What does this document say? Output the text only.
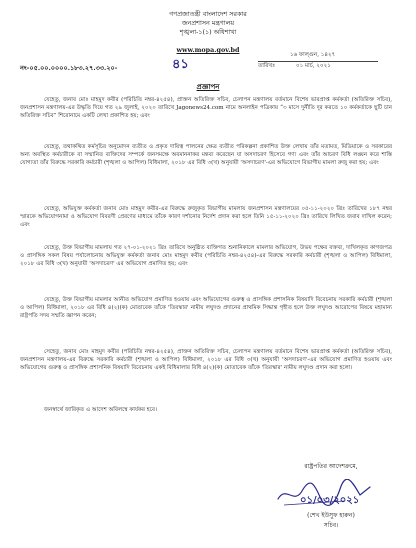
গণপ্রজাতন্ত্রী বাংলাদেশ সরকার
জনপ্রশাসন মন্ত্রণালয়
শৃঙ্খলা-১(১) অধিশাখা
www.mopa.gov.bd
১৬ ফাল্গুন, ১৪২৭
তারিখঃ	০১ মার্চ, ২০২১
নং-০৫.০০.০০০০.১৮৩.২৭.৩৩.২০-	৪১
প্রজ্ঞাপন
যেহেতু, জনাব মোঃ মাহমুদ কবীর (পরিচিতি নম্বর-৪২৫৪), প্রাক্তন অতিরিক্ত সচিব, চেলাপন মন্ত্রণালয় বর্তমানে বিশেষ ভারপ্রাপ্ত কর্মকর্তা (অতিরিক্ত সচিব), জনপ্রশাসন মন্ত্রণালয়-এর উদ্ধৃতি দিয়ে গত ২৯ জুলাই, ২০২০ তারিখে Jagonews24.com নামে অনলাইন পত্রিকায় “৩ মাসে দুর্নীতি দূর করতে ১০ কর্মকর্তাকে ছুটি চান অতিরিক্ত সচিব” শিরোনামে একটি লেখা প্রকাশিত হয়; এবং
যেহেতু, তথাকথিত কর্মসূচির অনুমোদন ব্যতীত ও প্রকৃত দায়িত্ব পালনের ক্ষেত্র ব্যতীত পরিকল্পনা প্রকাশিত উক্ত লেখায় তাঁর মতামত, মিডিয়াকে ও সরকারের অন্য অবস্থিত কর্মচারীকে বা সম্মানিত ব্যক্তিদের সম্পর্কে জনসমক্ষে অবমাননাকর মন্তব্য করেছেন যা অসদাচরণ হিসেবে গণ্য এবং তাঁর আচরণ বিধি লঙ্ঘন করে শাস্তি যোগ্যতা তাঁর বিরুদ্ধে সরকারি কর্মচারী (শৃঙ্খলা ও আপিল) বিধিমালা, ২০১৮ এর বিধি ৩(খ) অনুযায়ী 'অসদাচরণ'-এর অভিযোগে বিভাগীয় মামলা রুজু করা হয়; এবং
যেহেতু, অভিযুক্ত কর্মকর্তা জনাব মোঃ মাহমুদ কবীর-এর বিরুদ্ধে রুজুকৃত বিভাগীয় মামলায় জনপ্রশাসন মন্ত্রণালয়ের ০৫-১১-২০২০ খ্রিঃ তারিখের ১৮৭ নম্বর স্মারকে অভিযোগনামা ও অভিযোগ বিবরণী প্রেরণের মাধ্যমে তাঁকে কারণ দর্শানোর নির্দেশ প্রদান করা হলে তিনি ১৫-১১-২০২০ খ্রিঃ তারিখে লিখিত জবাব দাখিল করেন; এবং
যেহেতু, উক্ত বিভাগীয় মামলায় গত ২৭-০১-২০২১ খ্রিঃ তারিখে অনুষ্ঠিত ব্যক্তিগত শুনানিকালে মামলার অভিযোগ, উভয় পক্ষের বক্তব্য, দাখিলকৃত কাগজপত্র ও প্রাসঙ্গিক সকল বিষয় পর্যালোচনায় অভিযুক্ত কর্মকর্তা জনাব মোঃ মাহমুদ কবীর (পরিচিতি নম্বর-৪২৫৪)-এর বিরুদ্ধে সরকারি কর্মচারী (শৃঙ্খলা ও আপিল) বিধিমালা, ২০১৮ এর বিধি ৩(খ) অনুযায়ী 'অসদাচরণ' এর অভিযোগ প্রমাণিত হয়; এবং
যেহেতু, উক্ত বিভাগীয় মামলার আনীত অভিযোগ প্রমাণিত হওয়ায় এবং অভিযোগের গুরুত্ব ও প্রাসঙ্গিক প্রশাসনিক বিষয়াদি বিবেচনায় সরকারি কর্মচারী (শৃঙ্খলা ও আপিল) বিধিমালা, ২০১৮ এর বিধি ৪(২)(ক) মোতাবেক তাঁকে 'তিরস্কার' নামীয় লঘুদণ্ড প্রদানের প্রাথমিক সিদ্ধান্ত গৃহীত হলে উক্ত লঘুদণ্ড আরোপের বিষয়ে মহামান্য রাষ্ট্রপতি সদয় সম্মতি জ্ঞাপন করেন;
সেহেতু, জনাব মোঃ মাহমুদ কবীর (পরিচিতি নম্বর-৪২৫৪), প্রাক্তন অতিরিক্ত সচিব, চেলাপন মন্ত্রণালয় বর্তমানে বিশেষ ভারপ্রাপ্ত কর্মকর্তা (অতিরিক্ত সচিব), জনপ্রশাসন মন্ত্রণালয়-এর বিরুদ্ধে সরকারি কর্মচারী (শৃঙ্খলা ও আপিল) বিধিমালা, ২০১৮ এর বিধি ৩(খ) অনুযায়ী 'অসদাচরণ'-এর অভিযোগ প্রমাণিত হওয়ায় এবং অভিযোগের গুরুত্ব ও প্রাসঙ্গিক প্রশাসনিক বিষয়াদি বিবেচনায় একই বিধিমালার বিধি ৪(২)(ক) মোতাবেক তাঁকে 'তিরস্কার' নামীয় লঘুদণ্ড প্রদান করা হলো।
জনস্বার্থে জারিকৃত এ আদেশ অবিলম্বে কার্যকর হবে।
রাষ্ট্রপতির আদেশক্রমে,
০১/০৩/২০২১
(শেখ ইউসুফ হারুন)
সচিব।
